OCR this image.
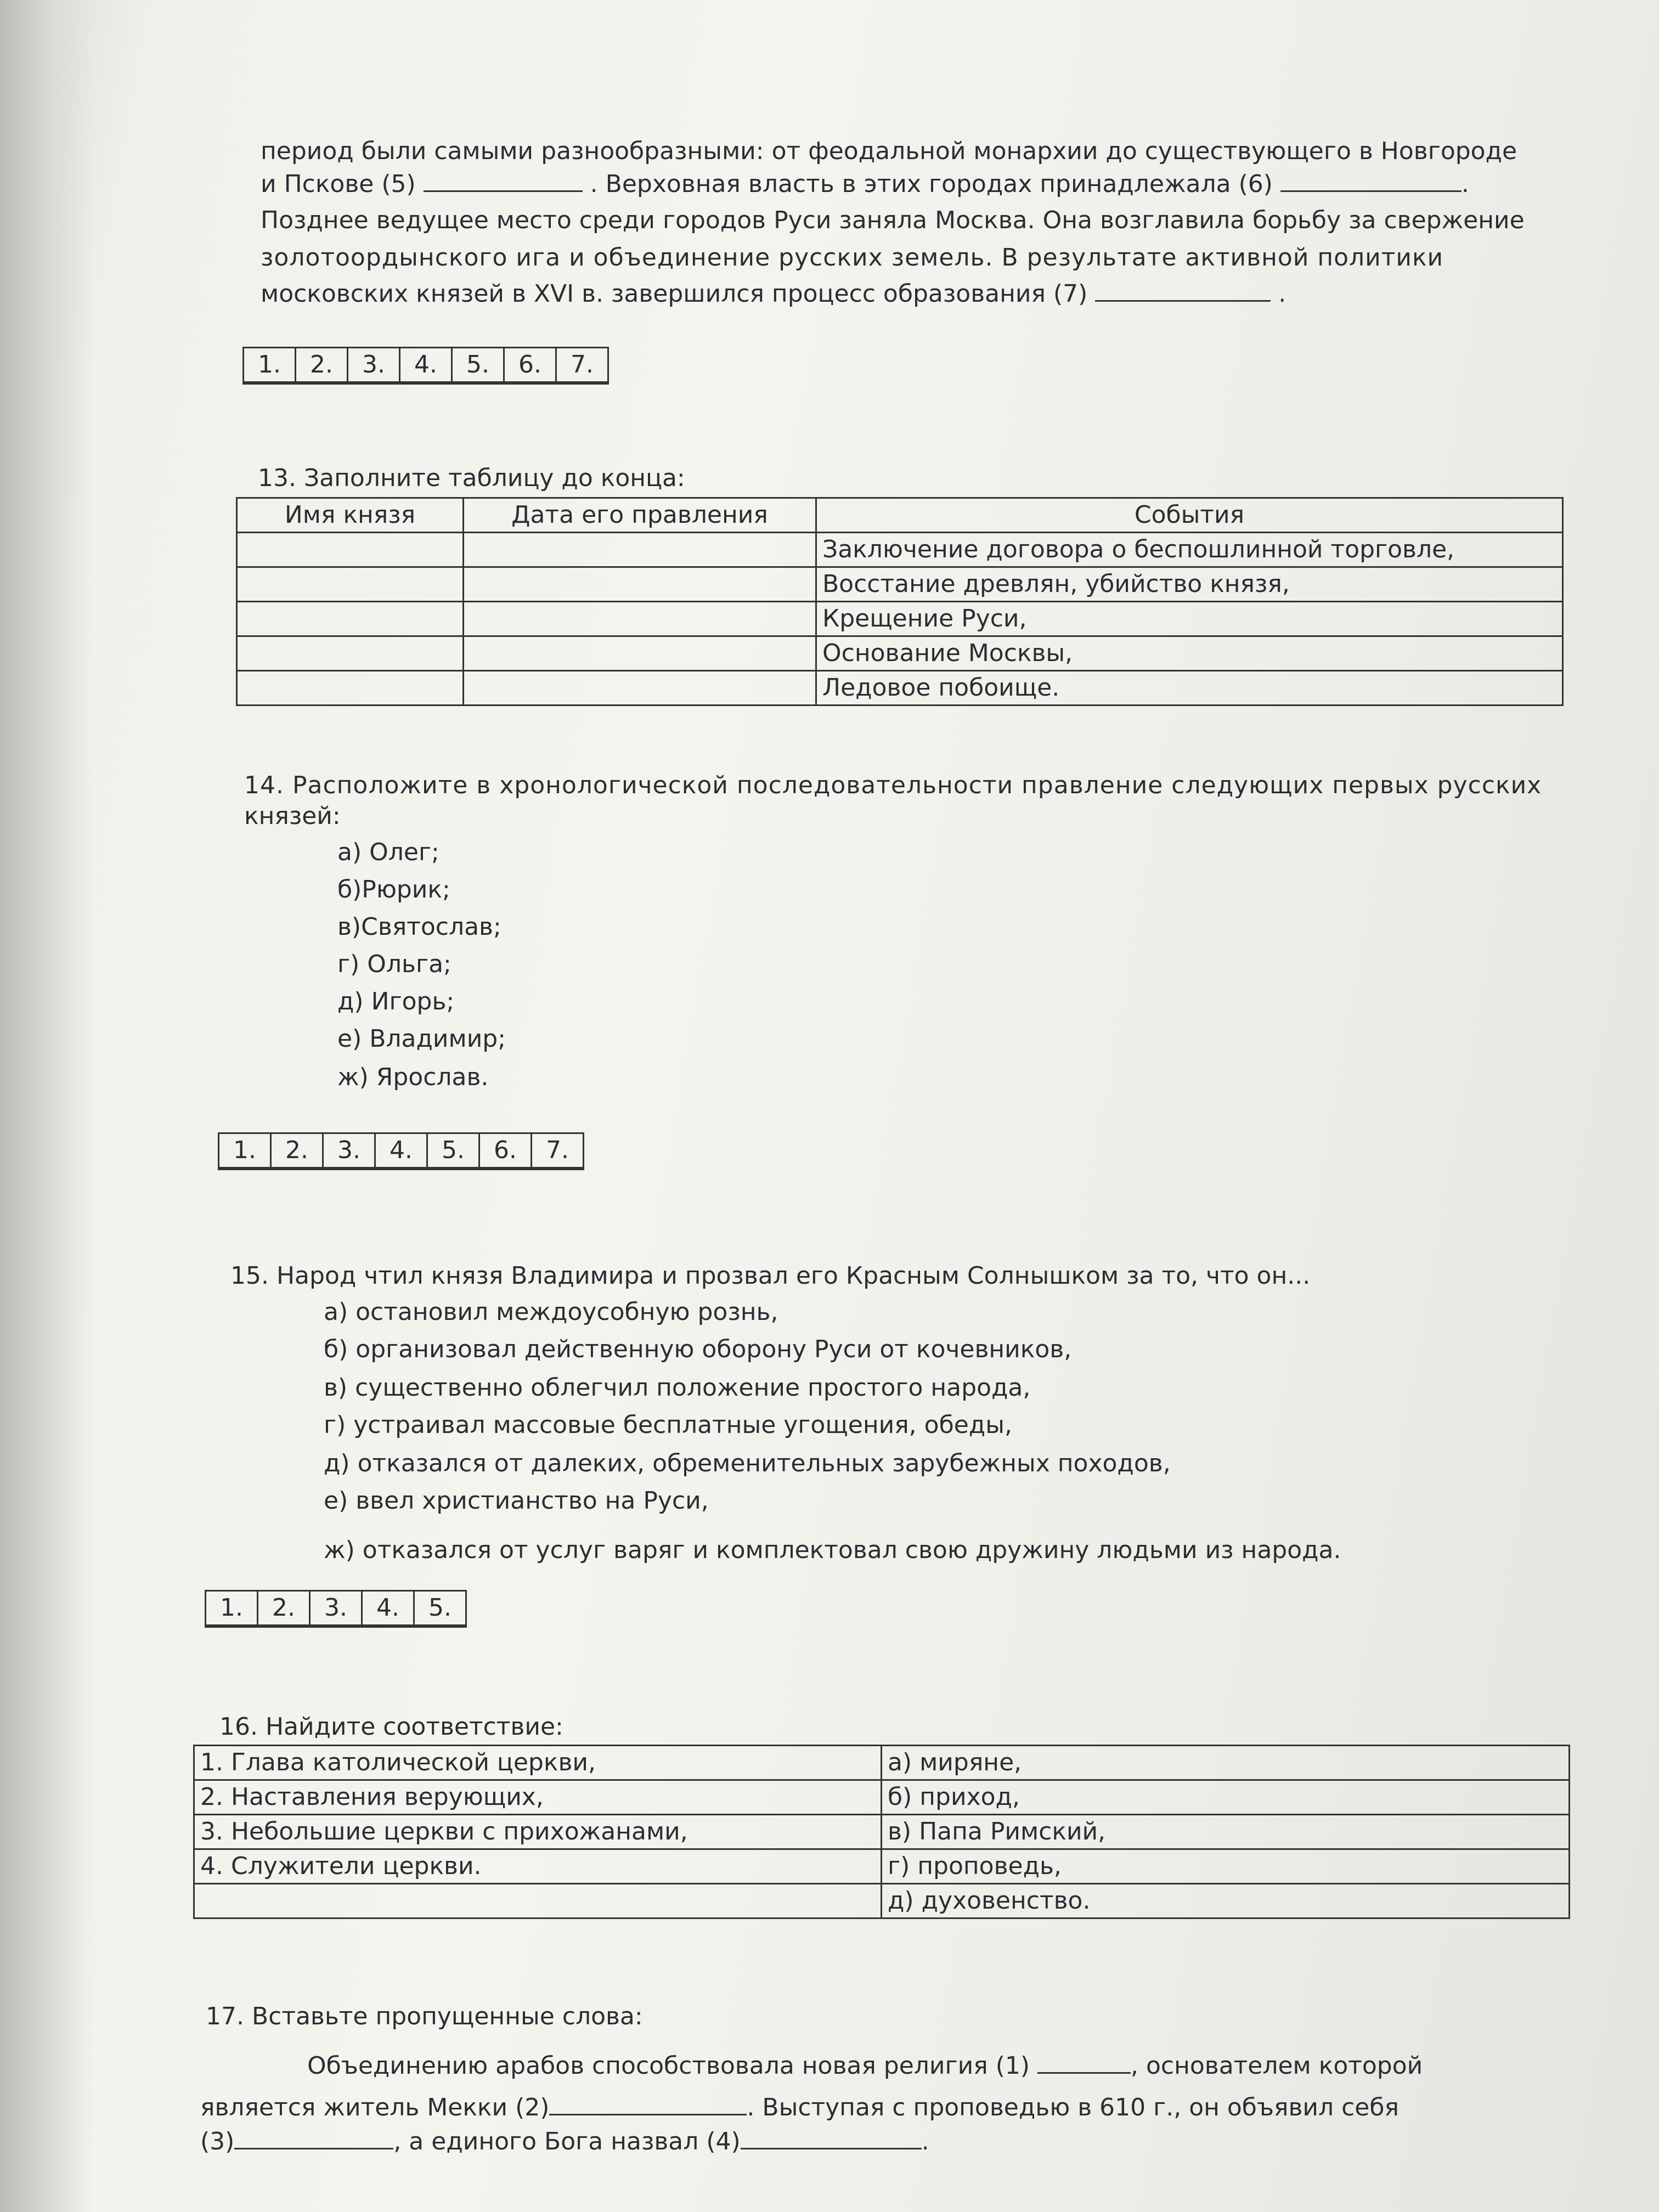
период были самыми разнообразными: от феодальной монархии до существующего в Новгороде
и Пскове (5)	. Верховная власть в этих городах принадлежала (6)	.
Позднее ведущее место среди городов Руси заняла Москва. Она возглавила борьбу за свержение
золотоордынского ига и объединение русских земель. В результате активной политики
московских князей в XVI в. завершился процесс образования (7)	.
1.	2.	3.	4.	5.	6.	7.

13. Заполните таблицу до конца:
Имя князя	Дата его правления	События
		Заключение договора о беспошлинной торговле,
		Восстание древлян, убийство князя,
		Крещение Руси,
		Основание Москвы,
		Ледовое побоище.
14. Расположите в хронологической последовательности правление следующих первых русских
князей:
а) Олег;
б)Рюрик;
в)Святослав;
г) Ольга;
д) Игорь;
е) Владимир;
ж) Ярослав.
1.	2.	3.	4.	5.	6.	7.

15. Народ чтил князя Владимира и прозвал его Красным Солнышком за то, что он...
а) остановил междоусобную рознь,
б) организовал действенную оборону Руси от кочевников,
в) существенно облегчил положение простого народа,
г) устраивал массовые бесплатные угощения, обеды,
д) отказался от далеких, обременительных зарубежных походов,
е) ввел христианство на Руси,
ж) отказался от услуг варяг и комплектовал свою дружину людьми из народа.
1.	2.	3.	4.	5.

16. Найдите соответствие:
1. Глава католической церкви,	а) миряне,
2. Наставления верующих,	б) приход,
3. Небольшие церкви с прихожанами,	в) Папа Римский,
4. Служители церкви.	г) проповедь,
	д) духовенство.
17. Вставьте пропущенные слова:
Объединению арабов способствовала новая религия (1)	, основателем которой
является житель Мекки (2)	. Выступая с проповедью в 610 г., он объявил себя
(3)	, а единого Бога назвал (4)	.
